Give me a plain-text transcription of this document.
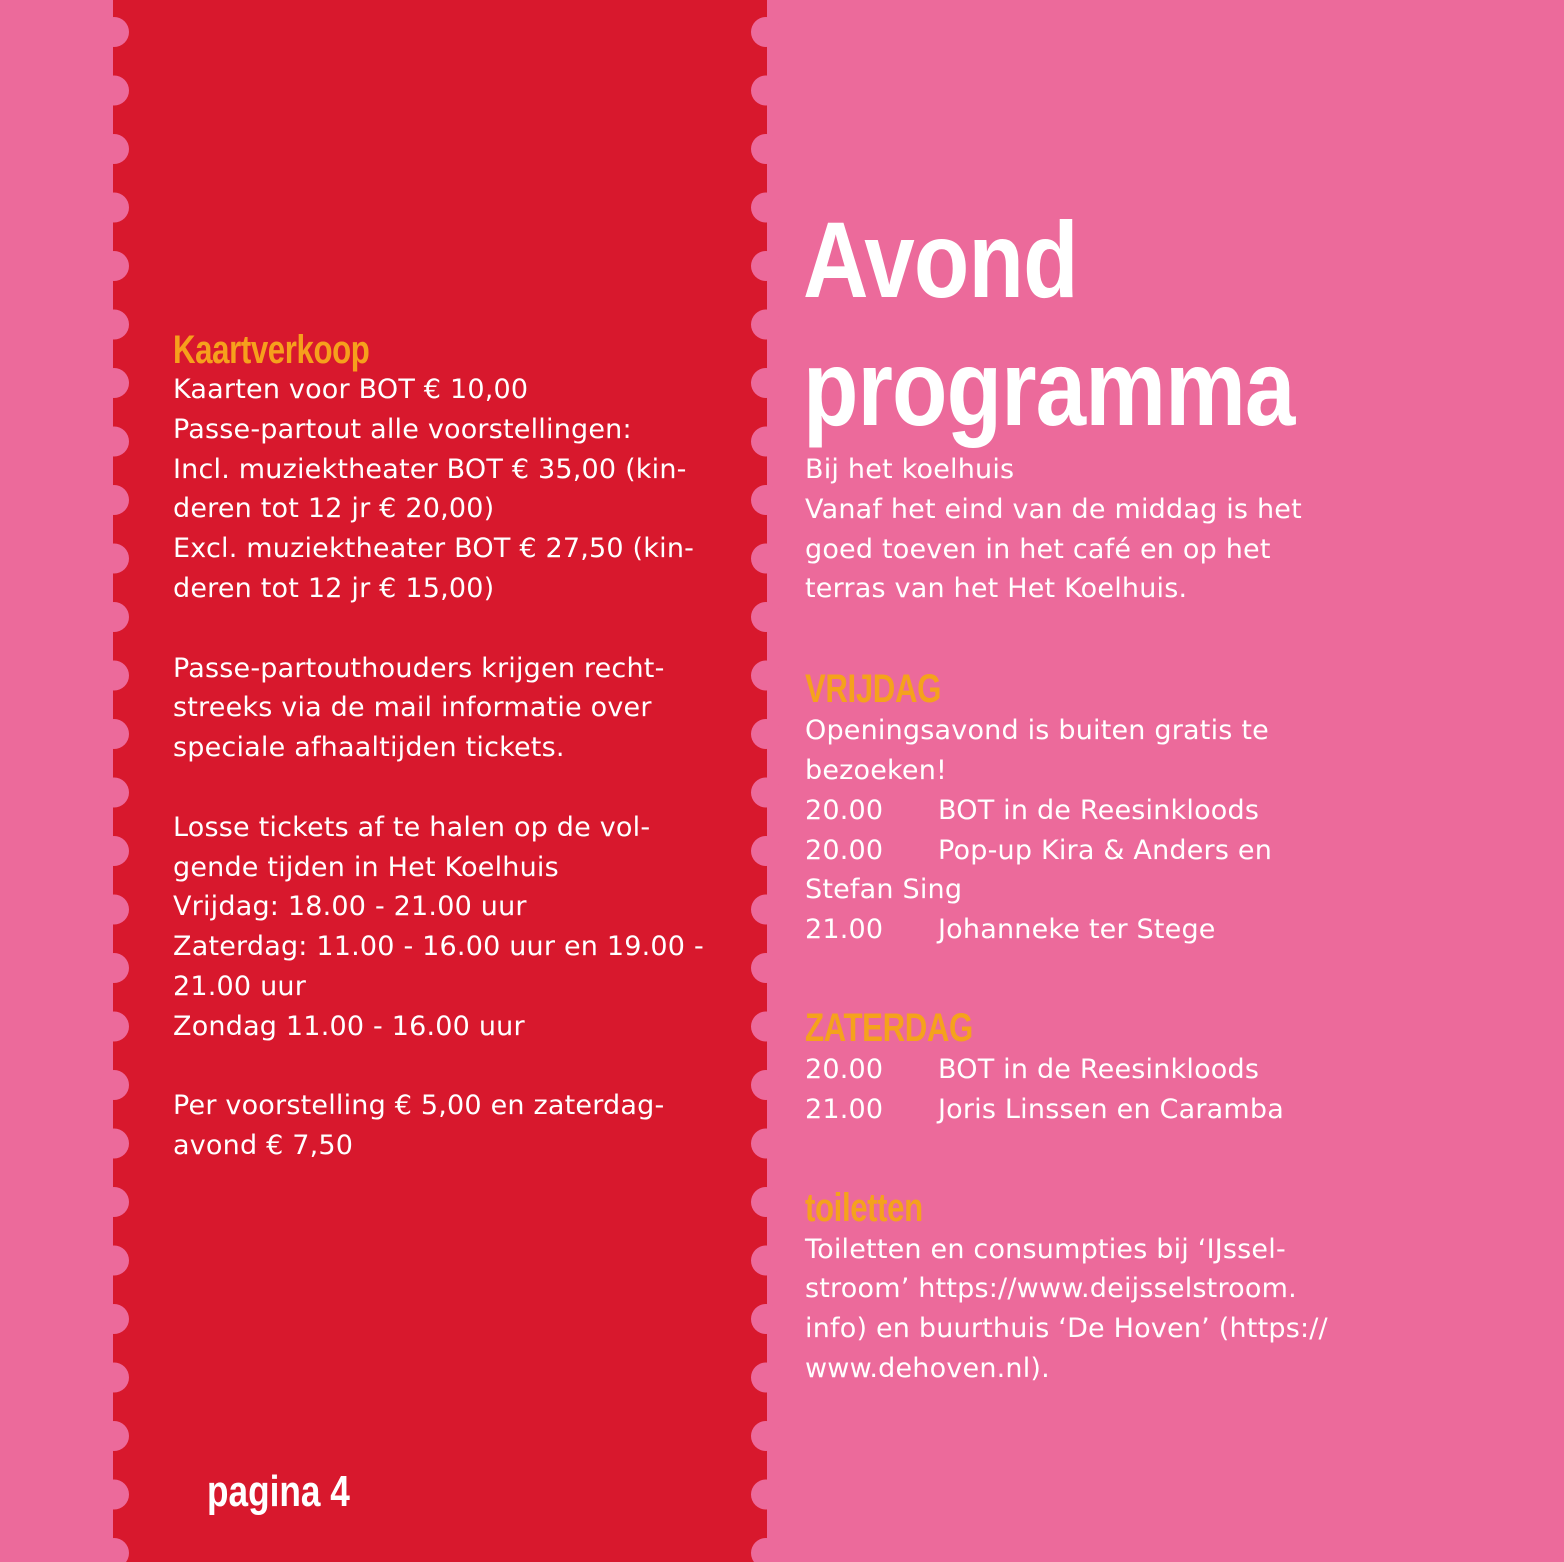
Kaartverkoop
Kaarten voor BOT € 10,00
Passe-partout alle voorstellingen:
Incl. muziektheater BOT € 35,00 (kin-
deren tot 12 jr € 20,00)
Excl. muziektheater BOT € 27,50 (kin-
deren tot 12 jr € 15,00)
Passe-partouthouders krijgen recht-
streeks via de mail informatie over
speciale afhaaltijden tickets.
Losse tickets af te halen op de vol-
gende tijden in Het Koelhuis
Vrijdag: 18.00 - 21.00 uur
Zaterdag: 11.00 - 16.00 uur en 19.00 -
21.00 uur
Zondag 11.00 - 16.00 uur
Per voorstelling € 5,00 en zaterdag-
avond € 7,50
pagina 4
Avond
programma
Bij het koelhuis
Vanaf het eind van de middag is het
goed toeven in het café en op het
terras van het Het Koelhuis.
VRIJDAG
Openingsavond is buiten gratis te
bezoeken!
20.00 BOT in de Reesinkloods
20.00 Pop-up Kira & Anders en
Stefan Sing
21.00 Johanneke ter Stege
ZATERDAG
20.00 BOT in de Reesinkloods
21.00 Joris Linssen en Caramba
toiletten
Toiletten en consumpties bij ‘IJssel-
stroom’ https://www.deijsselstroom.
info) en buurthuis ‘De Hoven’ (https://
www.dehoven.nl).
